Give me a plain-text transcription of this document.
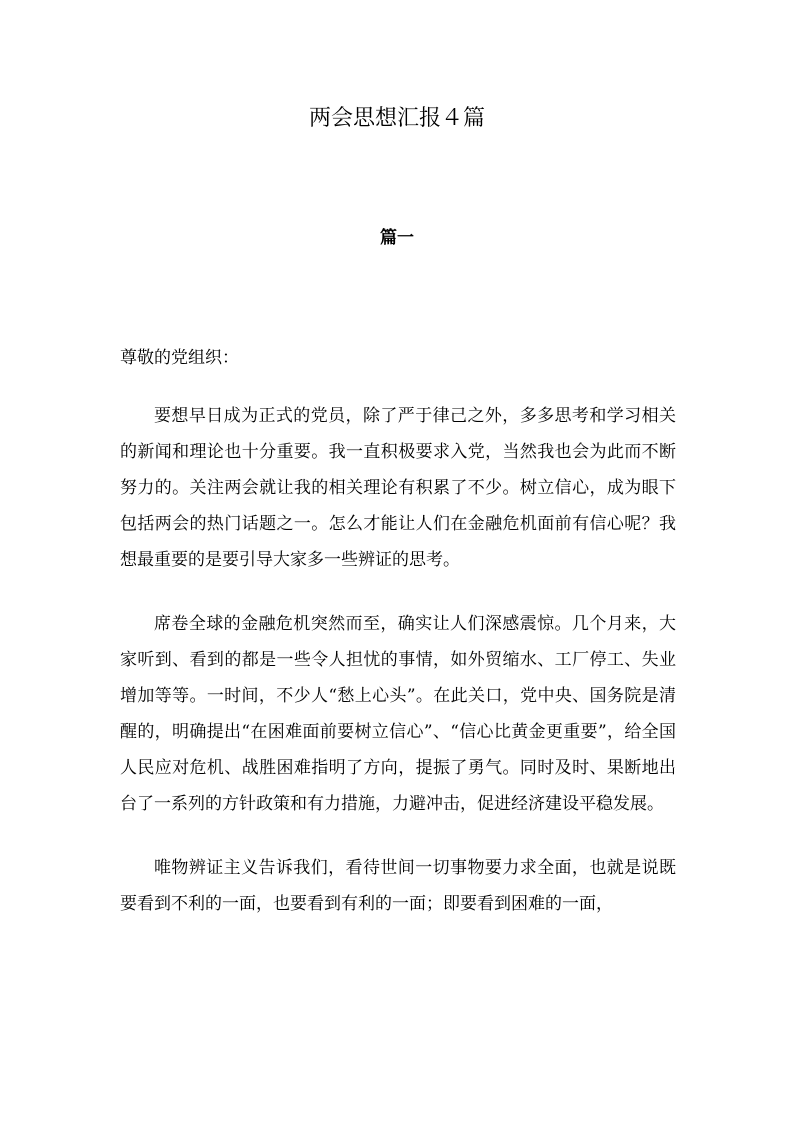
两会思想汇报４篇
篇一
尊敬的党组织：

要想早日成为正式的党员，除了严于律己之外，多多思考和学习相关的新闻和理论也十分重要。我一直积极要求入党，当然我也会为此而不断努力的。关注两会就让我的相关理论有积累了不少。树立信心，成为眼下包括两会的热门话题之一。怎么才能让人们在金融危机面前有信心呢？我想最重要的是要引导大家多一些辨证的思考。

席卷全球的金融危机突然而至，确实让人们深感震惊。几个月来，大家听到、看到的都是一些令人担忧的事情，如外贸缩水、工厂停工、失业增加等等。一时间，不少人“愁上心头”。在此关口，党中央、国务院是清醒的，明确提出“在困难面前要树立信心”、“信心比黄金更重要”，给全国人民应对危机、战胜困难指明了方向，提振了勇气。同时及时、果断地出台了一系列的方针政策和有力措施，力避冲击，促进经济建设平稳发展。

唯物辨证主义告诉我们，看待世间一切事物要力求全面，也就是说既要看到不利的一面，也要看到有利的一面；即要看到困难的一面，
